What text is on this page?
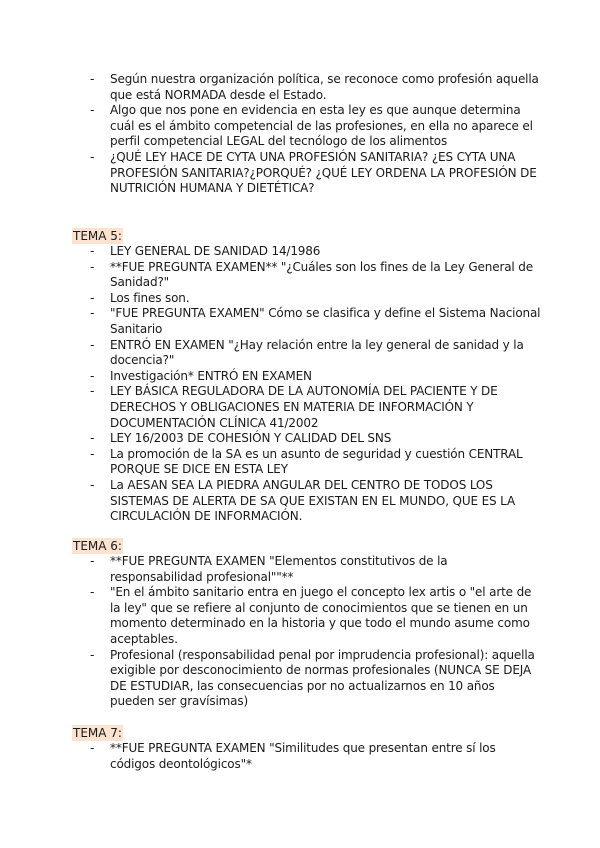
- Según nuestra organización política, se reconoce como profesión aquella que está NORMADA desde el Estado.
- Algo que nos pone en evidencia en esta ley es que aunque determina cuál es el ámbito competencial de las profesiones, en ella no aparece el perfil competencial LEGAL del tecnólogo de los alimentos
- ¿QUÉ LEY HACE DE CYTA UNA PROFESIÓN SANITARIA? ¿ES CYTA UNA PROFESIÓN SANITARIA?¿PORQUÉ? ¿QUÉ LEY ORDENA LA PROFESIÓN DE NUTRICIÓN HUMANA Y DIETÉTICA?
TEMA 5:
- LEY GENERAL DE SANIDAD 14/1986
- **FUE PREGUNTA EXAMEN** "¿Cuáles son los fines de la Ley General de Sanidad?"
- Los fines son.
- "FUE PREGUNTA EXAMEN" Cómo se clasifica y define el Sistema Nacional Sanitario
- ENTRÓ EN EXAMEN "¿Hay relación entre la ley general de sanidad y la docencia?"
- Investigación* ENTRÓ EN EXAMEN
- LEY BÁSICA REGULADORA DE LA AUTONOMÍA DEL PACIENTE Y DE DERECHOS Y OBLIGACIONES EN MATERIA DE INFORMACIÓN Y DOCUMENTACIÓN CLÍNICA 41/2002
- LEY 16/2003 DE COHESIÓN Y CALIDAD DEL SNS
- La promoción de la SA es un asunto de seguridad y cuestión CENTRAL PORQUE SE DICE EN ESTA LEY
- La AESAN SEA LA PIEDRA ANGULAR DEL CENTRO DE TODOS LOS SISTEMAS DE ALERTA DE SA QUE EXISTAN EN EL MUNDO, QUE ES LA CIRCULACIÓN DE INFORMACIÓN.
TEMA 6:
- **FUE PREGUNTA EXAMEN "Elementos constitutivos de la responsabilidad profesional""**
- "En el ámbito sanitario entra en juego el concepto lex artis o "el arte de la ley" que se refiere al conjunto de conocimientos que se tienen en un momento determinado en la historia y que todo el mundo asume como aceptables.
- Profesional (responsabilidad penal por imprudencia profesional): aquella exigible por desconocimiento de normas profesionales (NUNCA SE DEJA DE ESTUDIAR, las consecuencias por no actualizarnos en 10 años pueden ser gravísimas)
TEMA 7:
- **FUE PREGUNTA EXAMEN "Similitudes que presentan entre sí los códigos deontológicos"*
